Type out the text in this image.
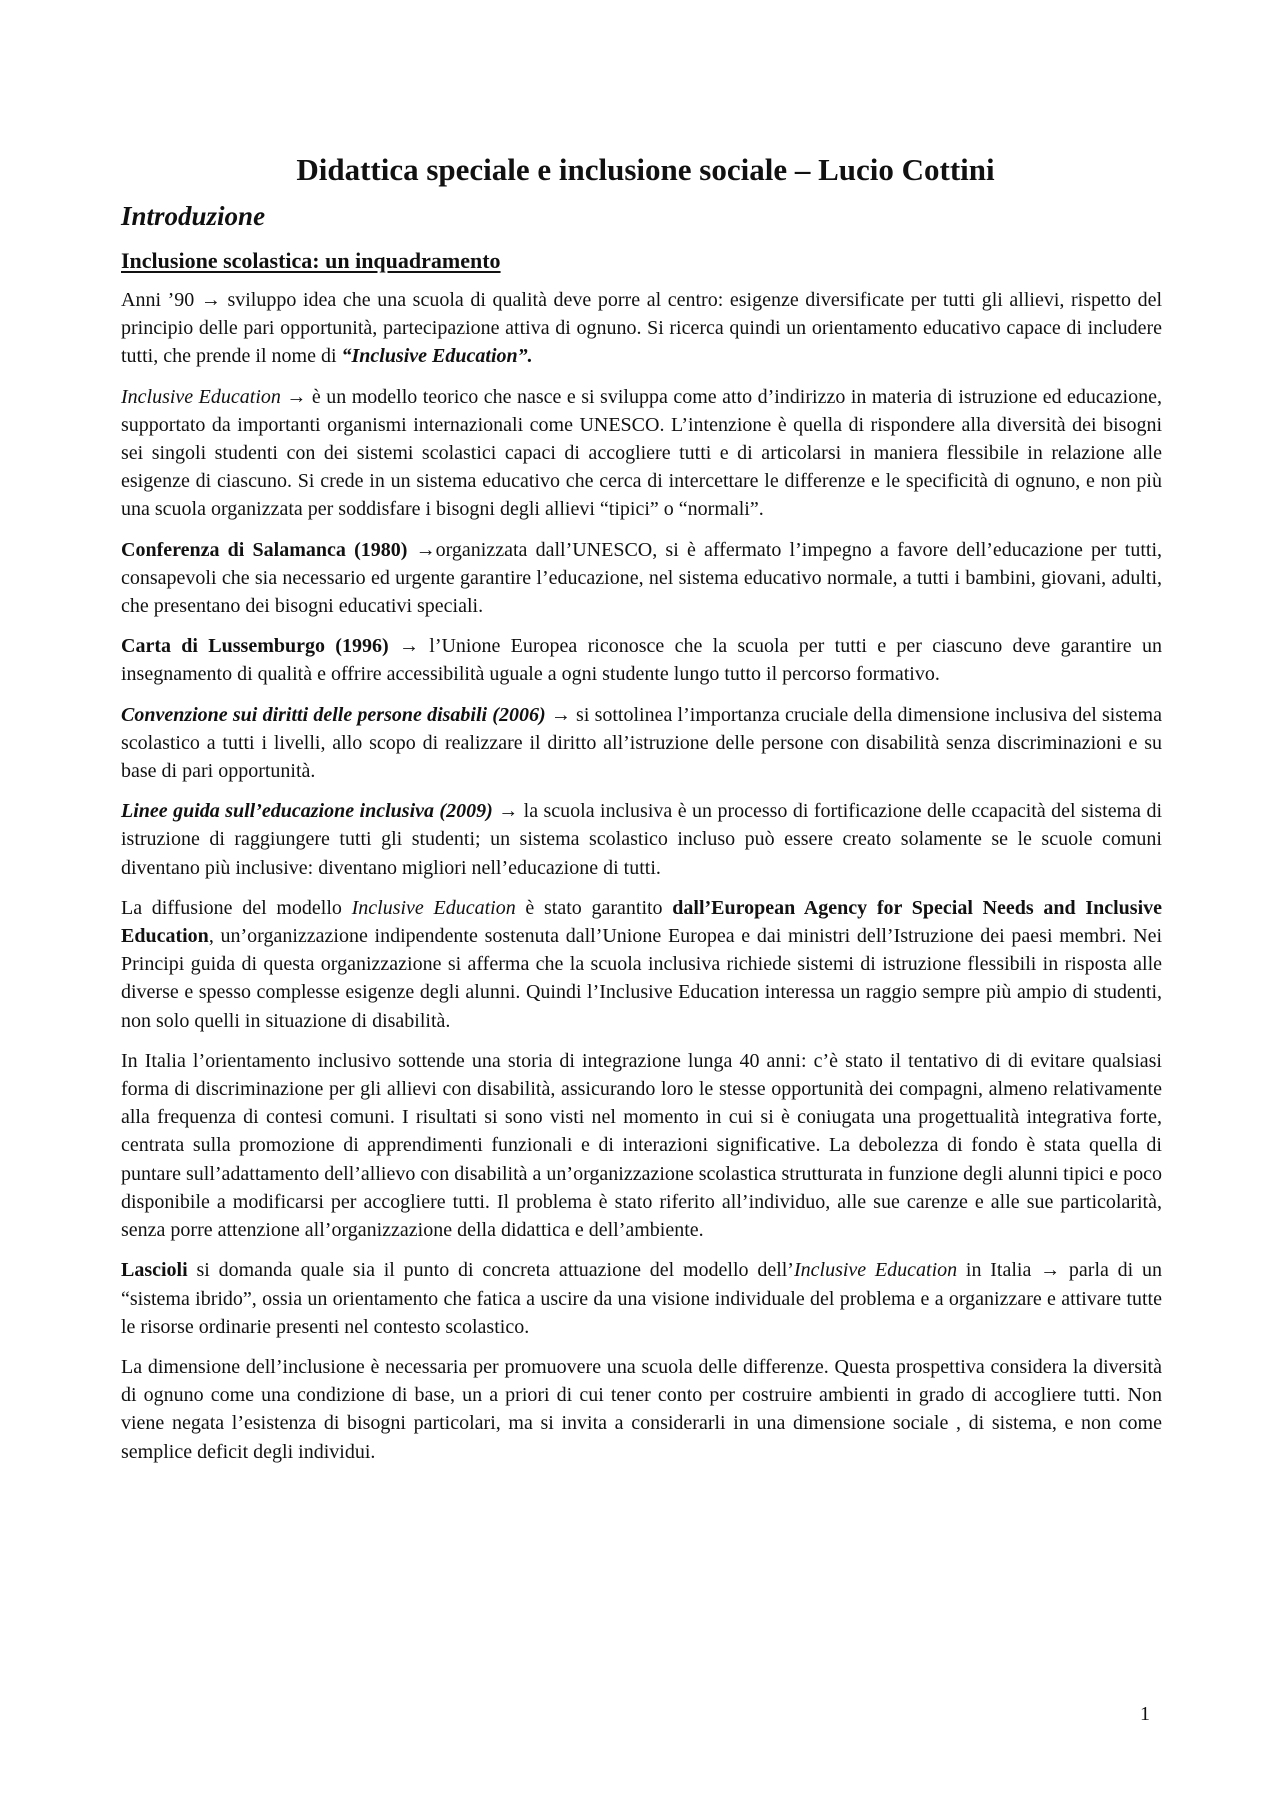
Didattica speciale e inclusione sociale – Lucio Cottini
Introduzione
Inclusione scolastica: un inquadramento

Anni ’90 → sviluppo idea che una scuola di qualità deve porre al centro: esigenze diversificate per tutti gli allievi, rispetto del principio delle pari opportunità, partecipazione attiva di ognuno. Si ricerca quindi un orientamento educativo capace di includere tutti, che prende il nome di “Inclusive Education”.

Inclusive Education → è un modello teorico che nasce e si sviluppa come atto d’indirizzo in materia di istruzione ed educazione, supportato da importanti organismi internazionali come UNESCO. L’intenzione è quella di rispondere alla diversità dei bisogni sei singoli studenti con dei sistemi scolastici capaci di accogliere tutti e di articolarsi in maniera flessibile in relazione alle esigenze di ciascuno. Si crede in un sistema educativo che cerca di intercettare le differenze e le specificità di ognuno, e non più una scuola organizzata per soddisfare i bisogni degli allievi “tipici” o “normali”.

Conferenza di Salamanca (1980) →organizzata dall’UNESCO, si è affermato l’impegno a favore dell’educazione per tutti, consapevoli che sia necessario ed urgente garantire l’educazione, nel sistema educativo normale, a tutti i bambini, giovani, adulti, che presentano dei bisogni educativi speciali.

Carta di Lussemburgo (1996) → l’Unione Europea riconosce che la scuola per tutti e per ciascuno deve garantire un insegnamento di qualità e offrire accessibilità uguale a ogni studente lungo tutto il percorso formativo.

Convenzione sui diritti delle persone disabili (2006) → si sottolinea l’importanza cruciale della dimensione inclusiva del sistema scolastico a tutti i livelli, allo scopo di realizzare il diritto all’istruzione delle persone con disabilità senza discriminazioni e su base di pari opportunità.

Linee guida sull’educazione inclusiva (2009) → la scuola inclusiva è un processo di fortificazione delle ccapacità del sistema di istruzione di raggiungere tutti gli studenti; un sistema scolastico incluso può essere creato solamente se le scuole comuni diventano più inclusive: diventano migliori nell’educazione di tutti.

La diffusione del modello Inclusive Education è stato garantito dall’European Agency for Special Needs and Inclusive Education, un’organizzazione indipendente sostenuta dall’Unione Europea e dai ministri dell’Istruzione dei paesi membri. Nei Principi guida di questa organizzazione si afferma che la scuola inclusiva richiede sistemi di istruzione flessibili in risposta alle diverse e spesso complesse esigenze degli alunni. Quindi l’Inclusive Education interessa un raggio sempre più ampio di studenti, non solo quelli in situazione di disabilità.

In Italia l’orientamento inclusivo sottende una storia di integrazione lunga 40 anni: c’è stato il tentativo di di evitare qualsiasi forma di discriminazione per gli allievi con disabilità, assicurando loro le stesse opportunità dei compagni, almeno relativamente alla frequenza di contesi comuni. I risultati si sono visti nel momento in cui si è coniugata una progettualità integrativa forte, centrata sulla promozione di apprendimenti funzionali e di interazioni significative. La debolezza di fondo è stata quella di puntare sull’adattamento dell’allievo con disabilità a un’organizzazione scolastica strutturata in funzione degli alunni tipici e poco disponibile a modificarsi per accogliere tutti. Il problema è stato riferito all’individuo, alle sue carenze e alle sue particolarità, senza porre attenzione all’organizzazione della didattica e dell’ambiente.

Lascioli si domanda quale sia il punto di concreta attuazione del modello dell’Inclusive Education in Italia → parla di un “sistema ibrido”, ossia un orientamento che fatica a uscire da una visione individuale del problema e a organizzare e attivare tutte le risorse ordinarie presenti nel contesto scolastico.

La dimensione dell’inclusione è necessaria per promuovere una scuola delle differenze. Questa prospettiva considera la diversità di ognuno come una condizione di base, un a priori di cui tener conto per costruire ambienti in grado di accogliere tutti. Non viene negata l’esistenza di bisogni particolari, ma si invita a considerarli in una dimensione sociale , di sistema, e non come semplice deficit degli individui.

1
